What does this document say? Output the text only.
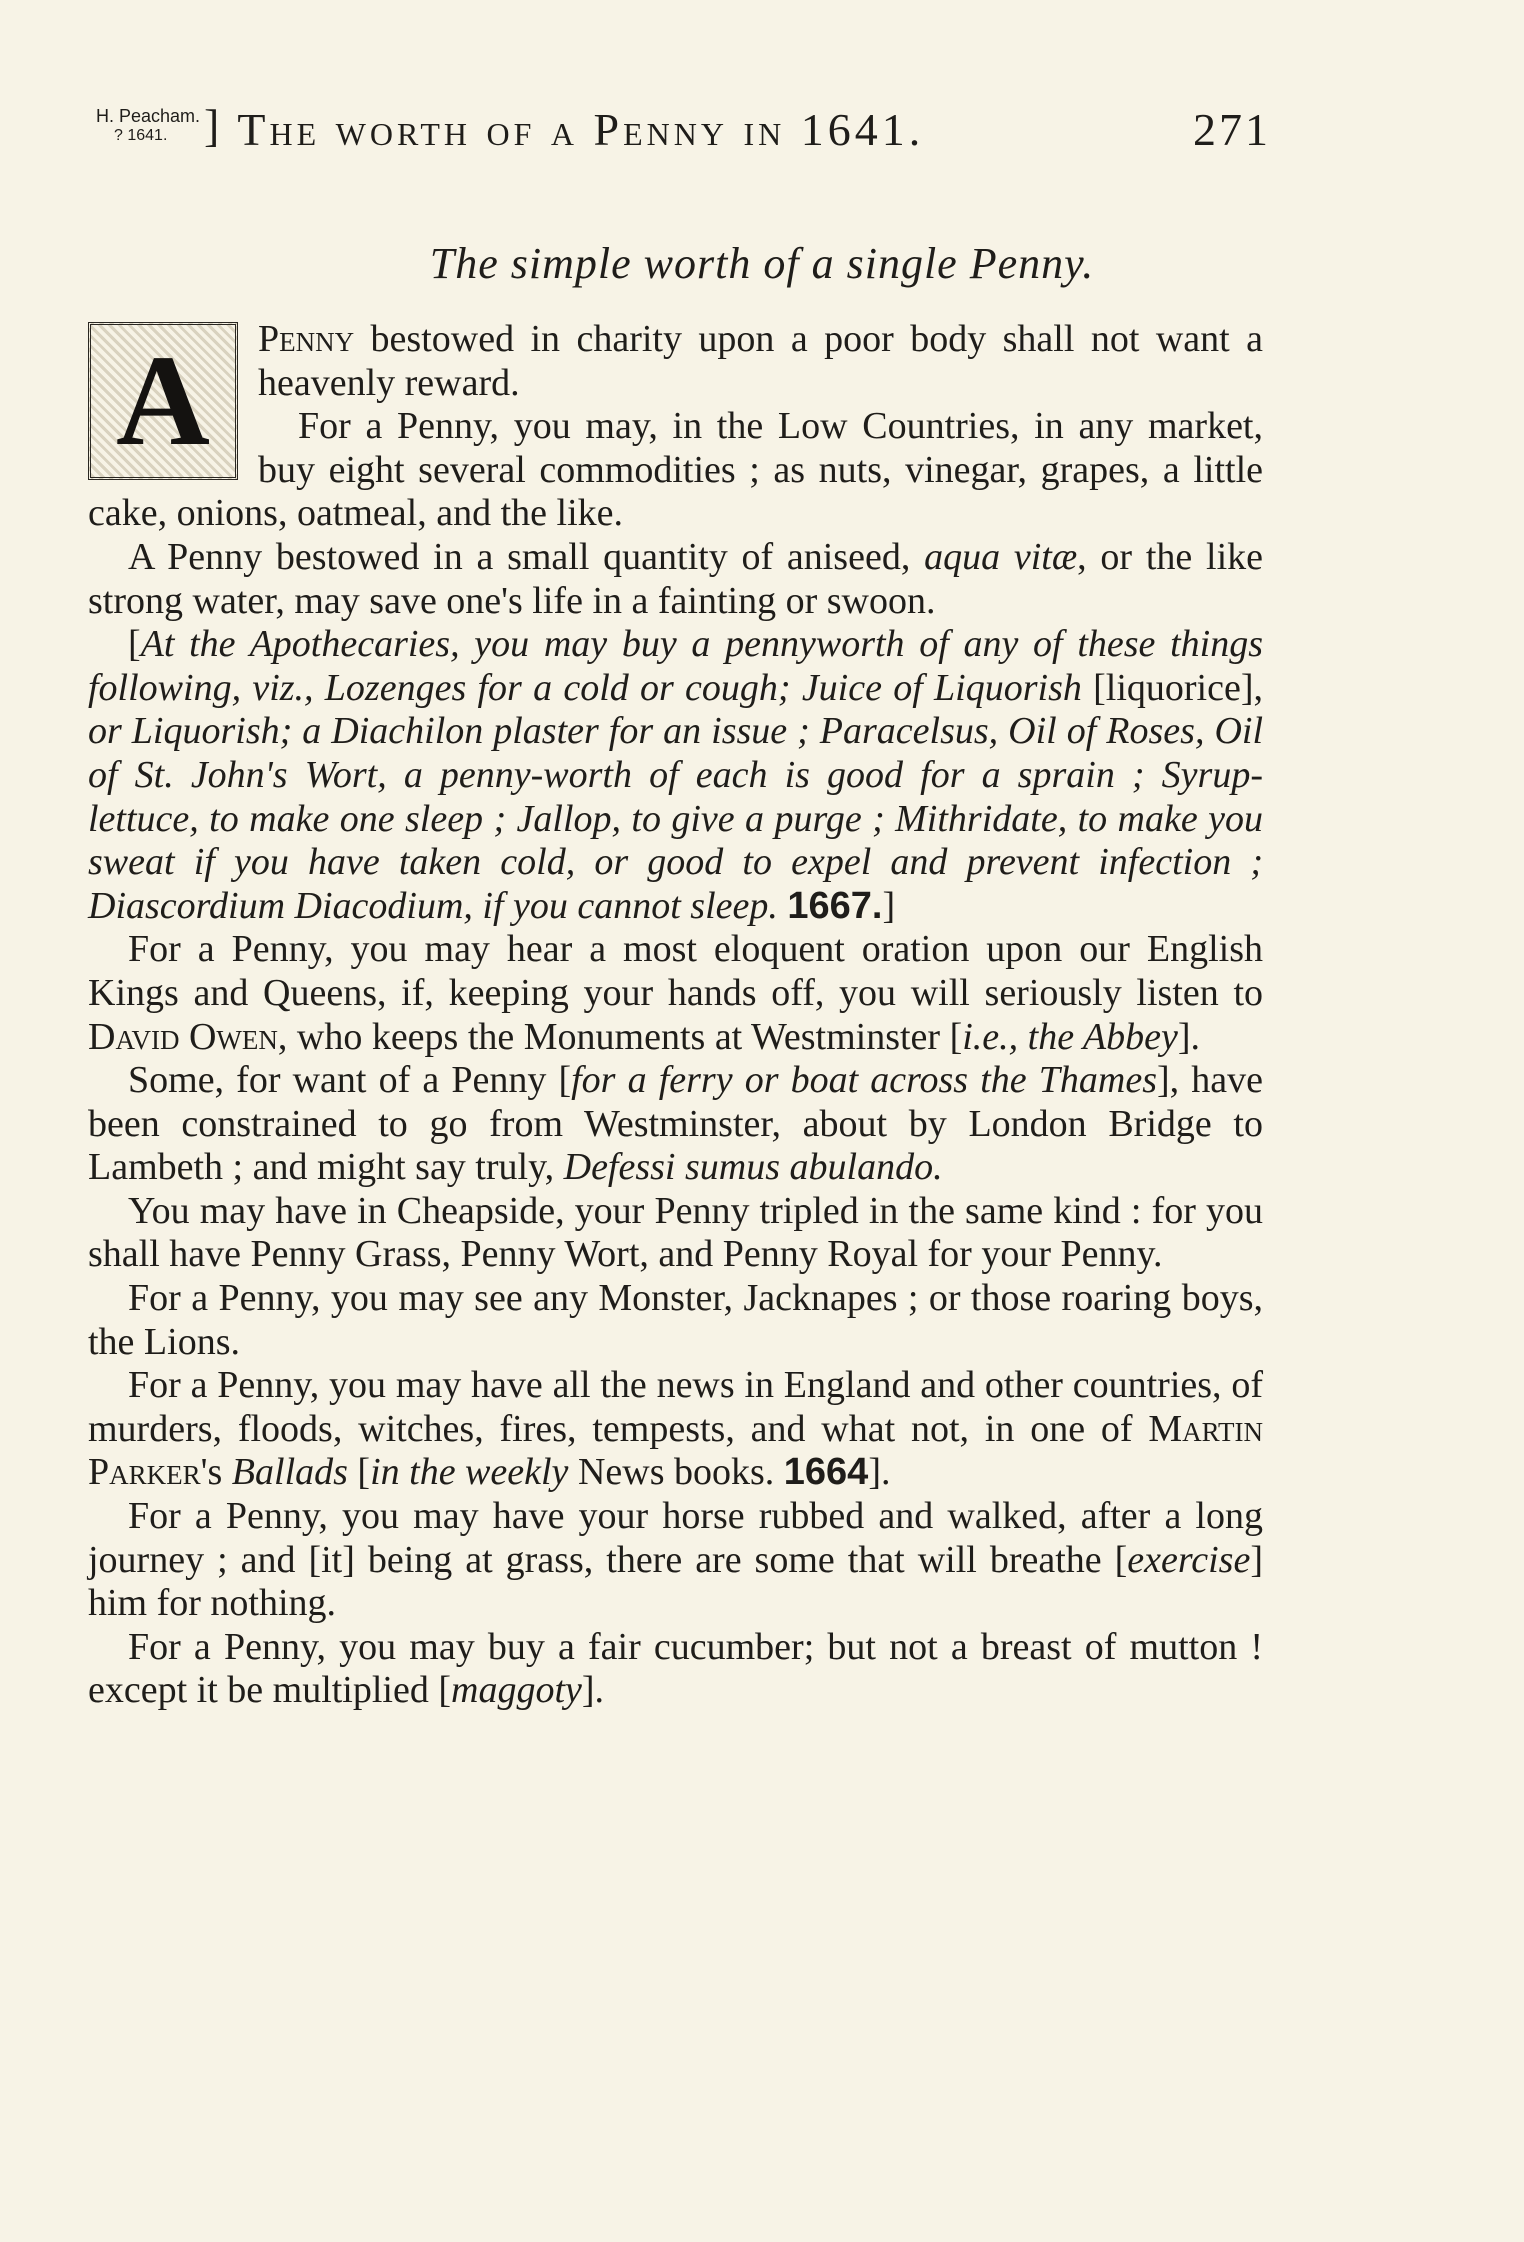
H. Peacham.
? 1641. ] The worth of a Penny in 1641.	271
The simple worth of a single Penny.

A	Penny bestowed in charity upon a poor body shall not want a heavenly reward.

For a Penny, you may, in the Low Countries, in any market, buy eight several commodities ; as nuts, vinegar, grapes, a little cake, onions, oatmeal, and the like.

A Penny bestowed in a small quantity of aniseed, aqua vitæ, or the like strong water, may save one's life in a fainting or swoon.

[At the Apothecaries, you may buy a pennyworth of any of these things following, viz., Lozenges for a cold or cough; Juice of Liquorish [liquorice], or Liquorish; a Diachilon plaster for an issue ; Paracelsus, Oil of Roses, Oil of St. John's Wort, a penny-worth of each is good for a sprain ; Syrup-lettuce, to make one sleep ; Jallop, to give a purge ; Mithridate, to make you sweat if you have taken cold, or good to expel and prevent infection ; Diascordium Diacodium, if you cannot sleep. 1667.]

For a Penny, you may hear a most eloquent oration upon our English Kings and Queens, if, keeping your hands off, you will seriously listen to David Owen, who keeps the Monuments at Westminster [i.e., the Abbey].

Some, for want of a Penny [for a ferry or boat across the Thames], have been constrained to go from Westminster, about by London Bridge to Lambeth ; and might say truly, Defessi sumus abulando.

You may have in Cheapside, your Penny tripled in the same kind : for you shall have Penny Grass, Penny Wort, and Penny Royal for your Penny.

For a Penny, you may see any Monster, Jacknapes ; or those roaring boys, the Lions.

For a Penny, you may have all the news in England and other countries, of murders, floods, witches, fires, tempests, and what not, in one of Martin Parker's Ballads [in the weekly News books. 1664].

For a Penny, you may have your horse rubbed and walked, after a long journey ; and [it] being at grass, there are some that will breathe [exercise] him for nothing.

For a Penny, you may buy a fair cucumber; but not a breast of mutton ! except it be multiplied [maggoty].
